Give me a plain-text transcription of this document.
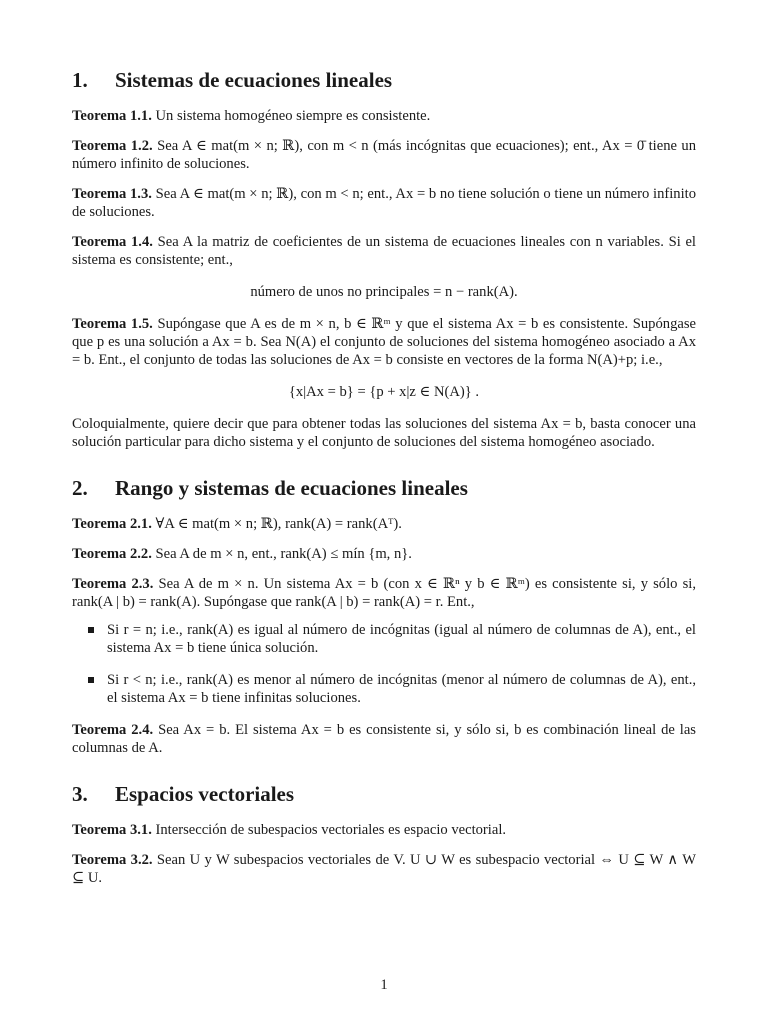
1. Sistemas de ecuaciones lineales

Teorema 1.1. Un sistema homogéneo siempre es consistente.

Teorema 1.2. Sea A ∈ mat(m × n; ℝ), con m < n (más incógnitas que ecuaciones); ent., Ax = 0̄ tiene un número infinito de soluciones.

Teorema 1.3. Sea A ∈ mat(m × n; ℝ), con m < n; ent., Ax = b no tiene solución o tiene un número infinito de soluciones.

Teorema 1.4. Sea A la matriz de coeficientes de un sistema de ecuaciones lineales con n variables. Si el sistema es consistente; ent.,

número de unos no principales = n − rank(A).

Teorema 1.5. Supóngase que A es de m × n, b ∈ ℝᵐ y que el sistema Ax = b es consistente. Supóngase que p es una solución a Ax = b. Sea N(A) el conjunto de soluciones del sistema homogéneo asociado a Ax = b. Ent., el conjunto de todas las soluciones de Ax = b consiste en vectores de la forma N(A)+p; i.e.,

{x|Ax = b} = {p + x|z ∈ N(A)} .

Coloquialmente, quiere decir que para obtener todas las soluciones del sistema Ax = b, basta conocer una solución particular para dicho sistema y el conjunto de soluciones del sistema homogéneo asociado.

2. Rango y sistemas de ecuaciones lineales

Teorema 2.1. ∀A ∈ mat(m × n; ℝ), rank(A) = rank(Aᵀ).

Teorema 2.2. Sea A de m × n, ent., rank(A) ≤ mín {m, n}.

Teorema 2.3. Sea A de m × n. Un sistema Ax = b (con x ∈ ℝⁿ y b ∈ ℝᵐ) es consistente si, y sólo si, rank(A | b) = rank(A). Supóngase que rank(A | b) = rank(A) = r. Ent.,

Si r = n; i.e., rank(A) es igual al número de incógnitas (igual al número de columnas de A), ent., el sistema Ax = b tiene única solución.
Si r < n; i.e., rank(A) es menor al número de incógnitas (menor al número de columnas de A), ent., el sistema Ax = b tiene infinitas soluciones.

Teorema 2.4. Sea Ax = b. El sistema Ax = b es consistente si, y sólo si, b es combinación lineal de las columnas de A.

3. Espacios vectoriales

Teorema 3.1. Intersección de subespacios vectoriales es espacio vectorial.

Teorema 3.2. Sean U y W subespacios vectoriales de V. U ∪ W es subespacio vectorial ⇔ U ⊆ W ∧ W ⊆ U.

1
